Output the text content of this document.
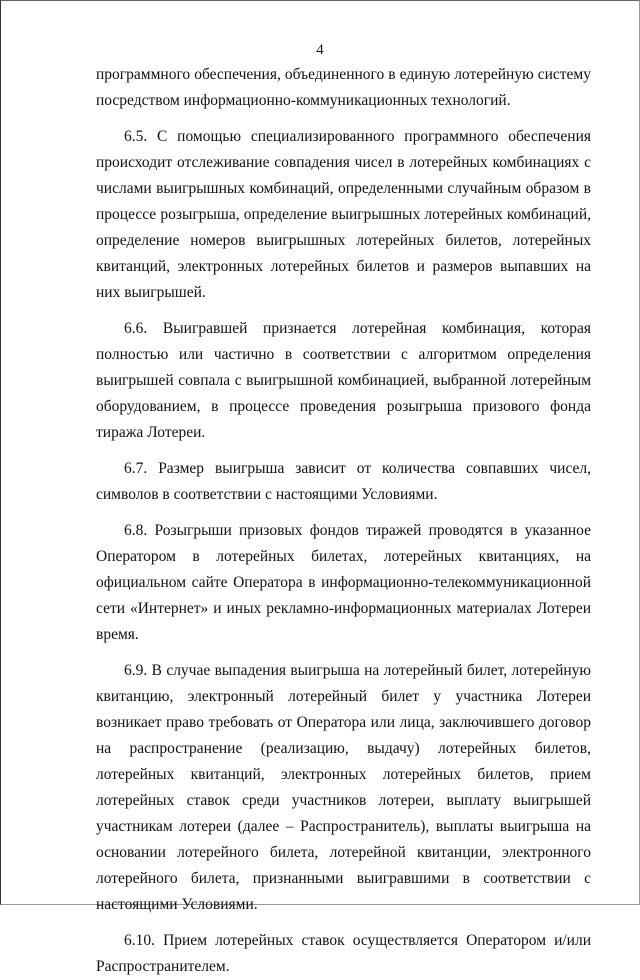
4

программного обеспечения, объединенного в единую лотерейную систему посредством информационно-коммуникационных технологий.

6.5. С помощью специализированного программного обеспечения происходит отслеживание совпадения чисел в лотерейных комбинациях с числами выигрышных комбинаций, определенными случайным образом в процессе розыгрыша, определение выигрышных лотерейных комбинаций, определение номеров выигрышных лотерейных билетов, лотерейных квитанций, электронных лотерейных билетов и размеров выпавших на них выигрышей.

6.6. Выигравшей признается лотерейная комбинация, которая полностью или частично в соответствии с алгоритмом определения выигрышей совпала с выигрышной комбинацией, выбранной лотерейным оборудованием, в процессе проведения розыгрыша призового фонда тиража Лотереи.

6.7. Размер выигрыша зависит от количества совпавших чисел, символов в соответствии с настоящими Условиями.

6.8. Розыгрыши призовых фондов тиражей проводятся в указанное Оператором в лотерейных билетах, лотерейных квитанциях, на официальном сайте Оператора в информационно-телекоммуникационной сети «Интернет» и иных рекламно-информационных материалах Лотереи время.

6.9. В случае выпадения выигрыша на лотерейный билет, лотерейную квитанцию, электронный лотерейный билет у участника Лотереи возникает право требовать от Оператора или лица, заключившего договор на распространение (реализацию, выдачу) лотерейных билетов, лотерейных квитанций, электронных лотерейных билетов, прием лотерейных ставок среди участников лотереи, выплату выигрышей участникам лотереи (далее – Распространитель), выплаты выигрыша на основании лотерейного билета, лотерейной квитанции, электронного лотерейного билета, признанными выигравшими в соответствии с настоящими Условиями.

6.10. Прием лотерейных ставок осуществляется Оператором и/или Распространителем.
